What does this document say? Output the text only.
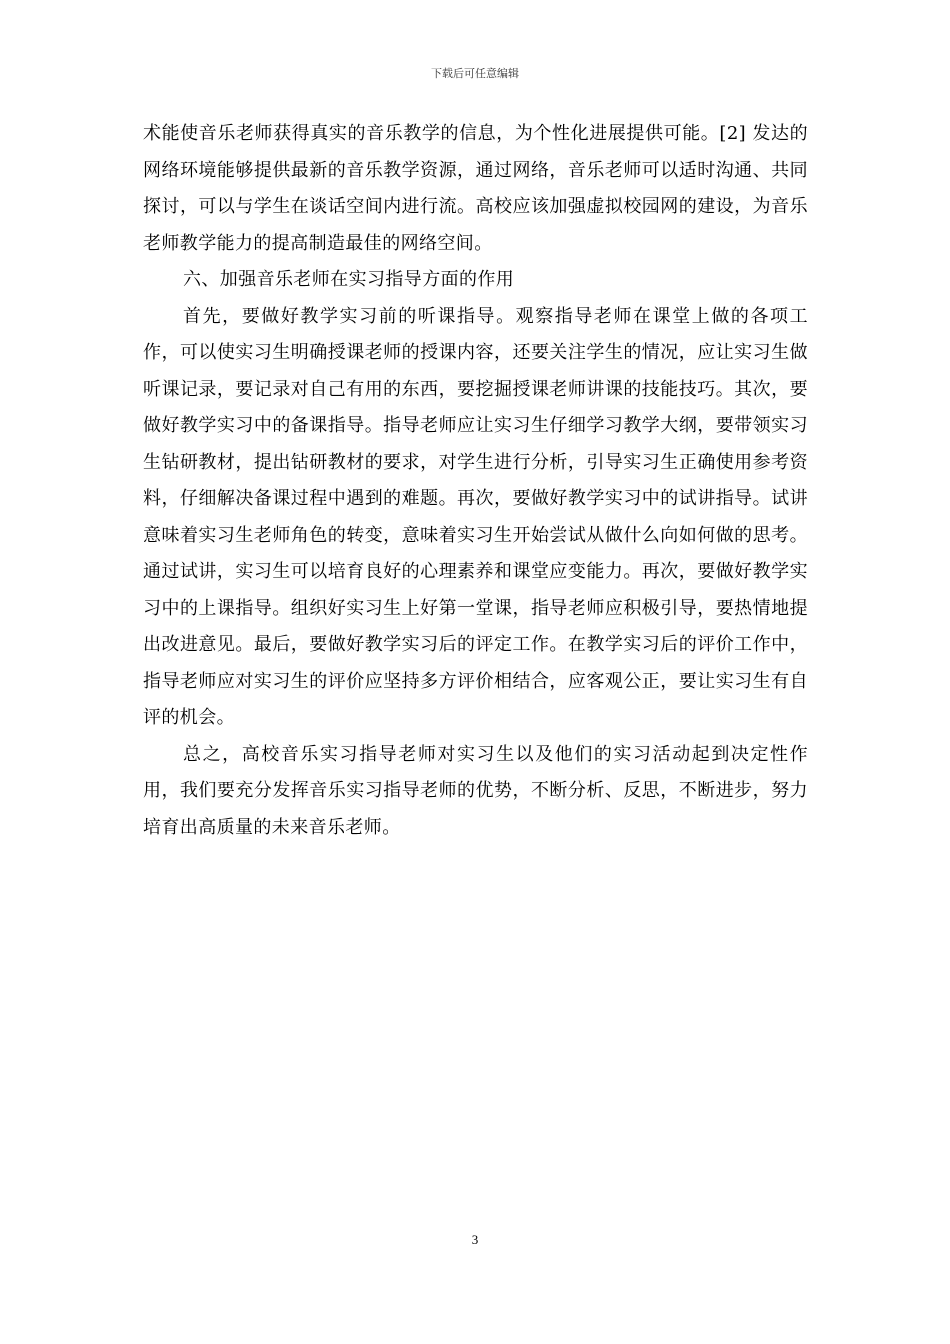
下载后可任意编辑

术能使音乐老师获得真实的音乐教学的信息，为个性化进展提供可能。[2] 发达的网络环境能够提供最新的音乐教学资源，通过网络，音乐老师可以适时沟通、共同探讨，可以与学生在谈话空间内进行流。高校应该加强虚拟校园网的建设，为音乐老师教学能力的提高制造最佳的网络空间。

六、加强音乐老师在实习指导方面的作用

首先，要做好教学实习前的听课指导。观察指导老师在课堂上做的各项工作，可以使实习生明确授课老师的授课内容，还要关注学生的情况，应让实习生做听课记录，要记录对自己有用的东西，要挖掘授课老师讲课的技能技巧。其次，要做好教学实习中的备课指导。指导老师应让实习生仔细学习教学大纲，要带领实习生钻研教材，提出钻研教材的要求，对学生进行分析，引导实习生正确使用参考资料，仔细解决备课过程中遇到的难题。再次，要做好教学实习中的试讲指导。试讲意味着实习生老师角色的转变，意味着实习生开始尝试从做什么向如何做的思考。通过试讲，实习生可以培育良好的心理素养和课堂应变能力。再次，要做好教学实习中的上课指导。组织好实习生上好第一堂课，指导老师应积极引导，要热情地提出改进意见。最后，要做好教学实习后的评定工作。在教学实习后的评价工作中，指导老师应对实习生的评价应坚持多方评价相结合，应客观公正，要让实习生有自评的机会。

总之，高校音乐实习指导老师对实习生以及他们的实习活动起到决定性作用，我们要充分发挥音乐实习指导老师的优势，不断分析、反思，不断进步，努力培育出高质量的未来音乐老师。

3
